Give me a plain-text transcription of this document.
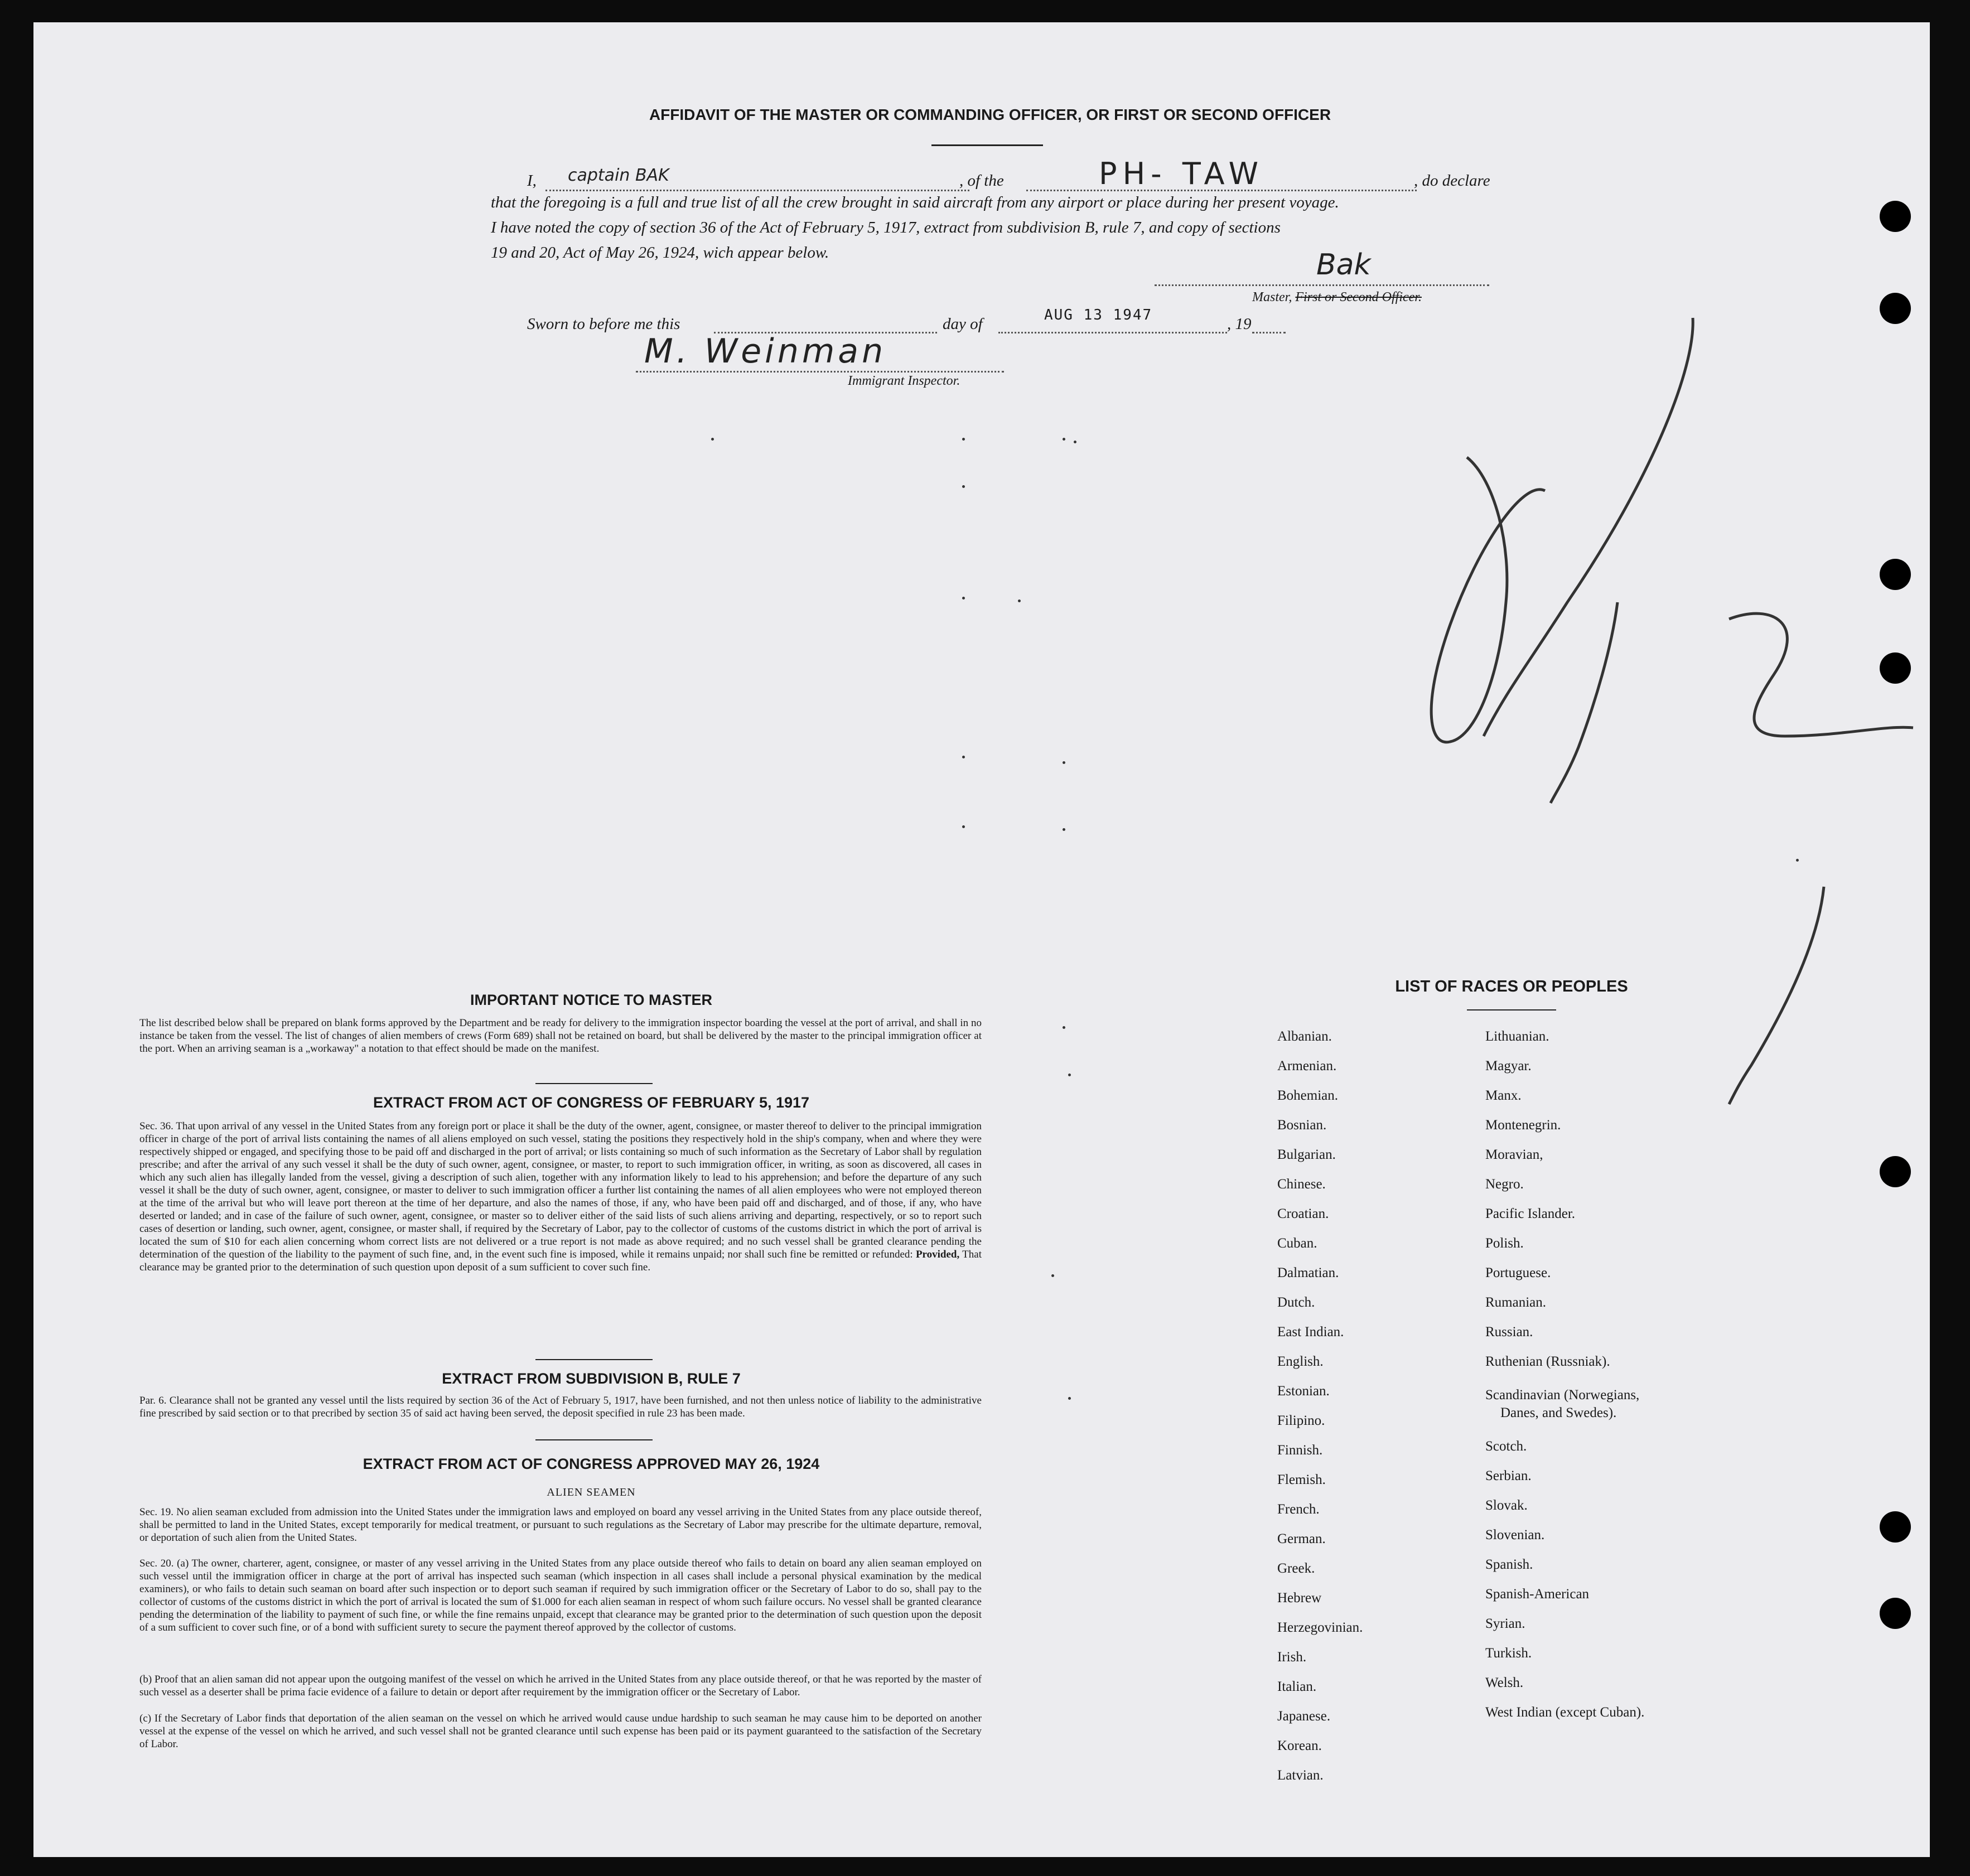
AFFIDAVIT OF THE MASTER OR COMMANDING OFFICER, OR FIRST OR SECOND OFFICER
I, captain BAK	, of the	PH- TAW	, do declare
that the foregoing is a full and true list of all the crew brought in said aircraft from any airport or place during her present voyage.
I have noted the copy of section 36 of the Act of February 5, 1917, extract from subdivision B, rule 7, and copy of sections
19 and 20, Act of May 26, 1924, wich appear below.	Bak
Master, First or Second Officer.
Sworn to before me this	day of	AUG 13 1947	, 19
M. Weinman
Immigrant Inspector.
IMPORTANT NOTICE TO MASTER
The list described below shall be prepared on blank forms approved by the Department and be ready for delivery to the immigration inspector boarding the vessel at the port of arrival, and shall in no instance be taken from the vessel. The list of changes of alien members of crews (Form 689) shall not be retained on board, but shall be delivered by the master to the principal immigration officer at the port. When an arriving seaman is a „workaway" a notation to that effect should be made on the manifest.
EXTRACT FROM ACT OF CONGRESS OF FEBRUARY 5, 1917
Sec. 36. That upon arrival of any vessel in the United States from any foreign port or place it shall be the duty of the owner, agent, consignee, or master thereof to deliver to the principal immigration officer in charge of the port of arrival lists containing the names of all aliens employed on such vessel, stating the positions they respectively hold in the ship's company, when and where they were respectively shipped or engaged, and specifying those to be paid off and discharged in the port of arrival; or lists containing so much of such information as the Secretary of Labor shall by regulation prescribe; and after the arrival of any such vessel it shall be the duty of such owner, agent, consignee, or master, to report to such immigration officer, in writing, as soon as discovered, all cases in which any such alien has illegally landed from the vessel, giving a description of such alien, together with any information likely to lead to his apprehension; and before the departure of any such vessel it shall be the duty of such owner, agent, consignee, or master to deliver to such immigration officer a further list containing the names of all alien employees who were not employed thereon at the time of the arrival but who will leave port thereon at the time of her departure, and also the names of those, if any, who have been paid off and discharged, and of those, if any, who have deserted or landed; and in case of the failure of such owner, agent, consignee, or master so to deliver either of the said lists of such aliens arriving and departing, respectively, or so to report such cases of desertion or landing, such owner, agent, consignee, or master shall, if required by the Secretary of Labor, pay to the collector of customs of the customs district in which the port of arrival is located the sum of $10 for each alien concerning whom correct lists are not delivered or a true report is not made as above required; and no such vessel shall be granted clearance pending the determination of the question of the liability to the payment of such fine, and, in the event such fine is imposed, while it remains unpaid; nor shall such fine be remitted or refunded: Provided, That clearance may be granted prior to the determination of such question upon deposit of a sum sufficient to cover such fine.
EXTRACT FROM SUBDIVISION B, RULE 7
Par. 6. Clearance shall not be granted any vessel until the lists required by section 36 of the Act of February 5, 1917, have been furnished, and not then unless notice of liability to the administrative fine prescribed by said section or to that precribed by section 35 of said act having been served, the deposit specified in rule 23 has been made.
EXTRACT FROM ACT OF CONGRESS APPROVED MAY 26, 1924
ALIEN SEAMEN
Sec. 19. No alien seaman excluded from admission into the United States under the immigration laws and employed on board any vessel arriving in the United States from any place outside thereof, shall be permitted to land in the United States, except temporarily for medical treatment, or pursuant to such regulations as the Secretary of Labor may prescribe for the ultimate departure, removal, or deportation of such alien from the United States.
Sec. 20. (a) The owner, charterer, agent, consignee, or master of any vessel arriving in the United States from any place outside thereof who fails to detain on board any alien seaman employed on such vessel until the immigration officer in charge at the port of arrival has inspected such seaman (which inspection in all cases shall include a personal physical examination by the medical examiners), or who fails to detain such seaman on board after such inspection or to deport such seaman if required by such immigration officer or the Secretary of Labor to do so, shall pay to the collector of customs of the customs district in which the port of arrival is located the sum of $1.000 for each alien seaman in respect of whom such failure occurs. No vessel shall be granted clearance pending the determination of the liability to payment of such fine, or while the fine remains unpaid, except that clearance may be granted prior to the determination of such question upon the deposit of a sum sufficient to cover such fine, or of a bond with sufficient surety to secure the payment thereof approved by the collector of customs.
(b) Proof that an alien saman did not appear upon the outgoing manifest of the vessel on which he arrived in the United States from any place outside thereof, or that he was reported by the master of such vessel as a deserter shall be prima facie evidence of a failure to detain or deport after requirement by the immigration officer or the Secretary of Labor.
(c) If the Secretary of Labor finds that deportation of the alien seaman on the vessel on which he arrived would cause undue hardship to such seaman he may cause him to be deported on another vessel at the expense of the vessel on which he arrived, and such vessel shall not be granted clearance until such expense has been paid or its payment guaranteed to the satisfaction of the Secretary of Labor.
LIST OF RACES OR PEOPLES
Albanian.
Armenian.
Bohemian.
Bosnian.
Bulgarian.
Chinese.
Croatian.
Cuban.
Dalmatian.
Dutch.
East Indian.
English.
Estonian.
Filipino.
Finnish.
Flemish.
French.
German.
Greek.
Hebrew
Herzegovinian.
Irish.
Italian.
Japanese.
Korean.
Latvian.
Lithuanian.
Magyar.
Manx.
Montenegrin.
Moravian,
Negro.
Pacific Islander.
Polish.
Portuguese.
Rumanian.
Russian.
Ruthenian (Russniak).
Scandinavian (Norwegians,
Danes, and Swedes).
Scotch.
Serbian.
Slovak.
Slovenian.
Spanish.
Spanish-American
Syrian.
Turkish.
Welsh.
West Indian (except Cuban).
